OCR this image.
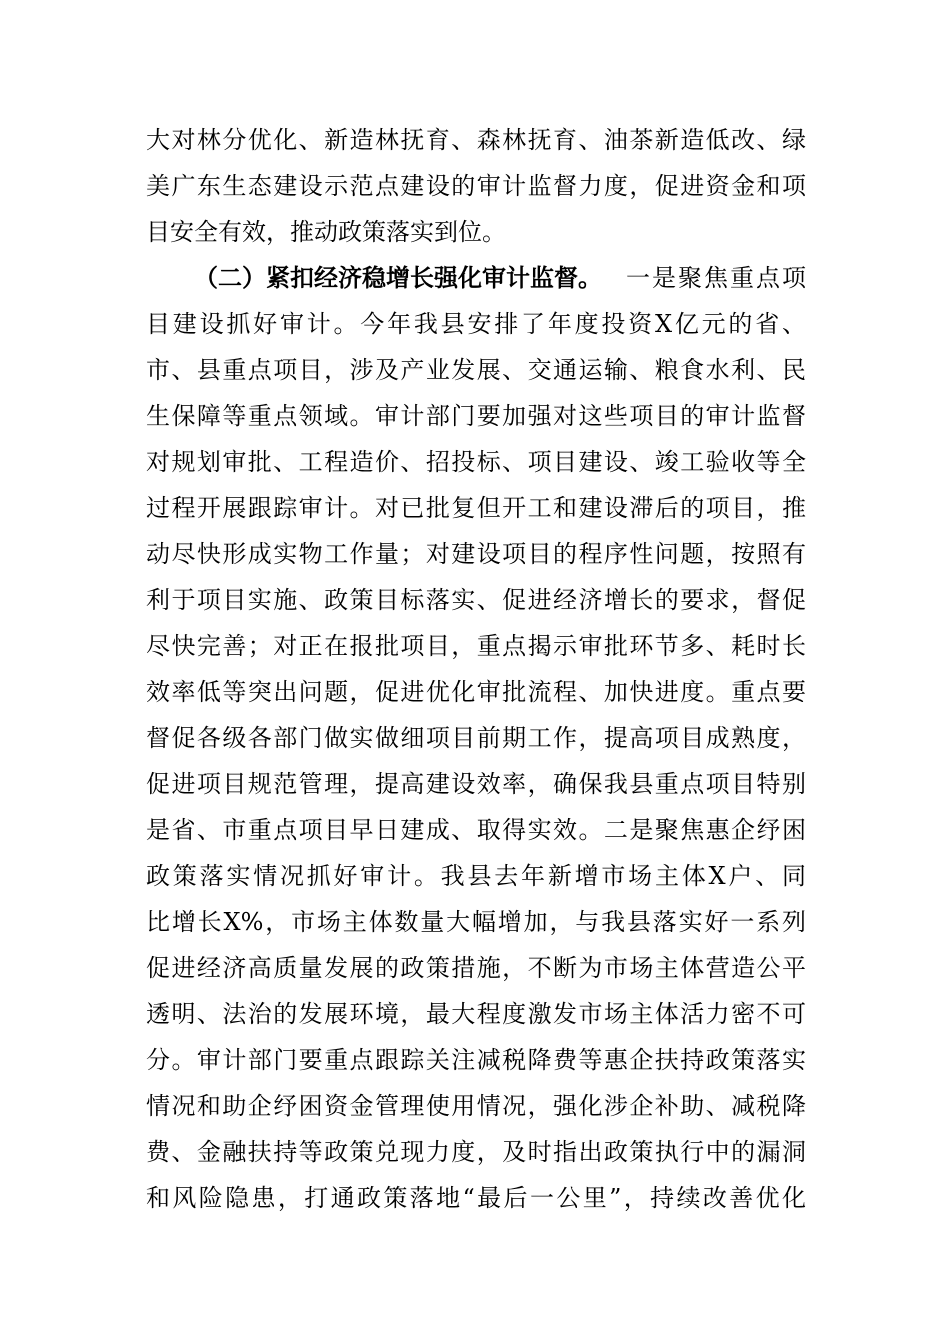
大对林分优化、新造林抚育、森林抚育、油茶新造低改、绿
美广东生态建设示范点建设的审计监督力度，促进资金和项
目安全有效，推动政策落实到位。
（二）紧扣经济稳增长强化审计监督。	一是聚焦重点项
目建设抓好审计。今年我县安排了年度投资X亿元的省、
市、县重点项目，涉及产业发展、交通运输、粮食水利、民
生保障等重点领域。审计部门要加强对这些项目的审计监督
对规划审批、工程造价、招投标、项目建设、竣工验收等全
过程开展跟踪审计。对已批复但开工和建设滞后的项目，推
动尽快形成实物工作量；对建设项目的程序性问题，按照有
利于项目实施、政策目标落实、促进经济增长的要求，督促
尽快完善；对正在报批项目，重点揭示审批环节多、耗时长
效率低等突出问题，促进优化审批流程、加快进度。重点要
督促各级各部门做实做细项目前期工作，提高项目成熟度，
促进项目规范管理，提高建设效率，确保我县重点项目特别
是省、市重点项目早日建成、取得实效。二是聚焦惠企纾困
政策落实情况抓好审计。我县去年新增市场主体X户、同
比增长X%，市场主体数量大幅增加，与我县落实好一系列
促进经济高质量发展的政策措施，不断为市场主体营造公平
透明、法治的发展环境，最大程度激发市场主体活力密不可
分。审计部门要重点跟踪关注减税降费等惠企扶持政策落实
情况和助企纾困资金管理使用情况，强化涉企补助、减税降
费、金融扶持等政策兑现力度，及时指出政策执行中的漏洞
和风险隐患，打通政策落地“最后一公里”，持续改善优化
